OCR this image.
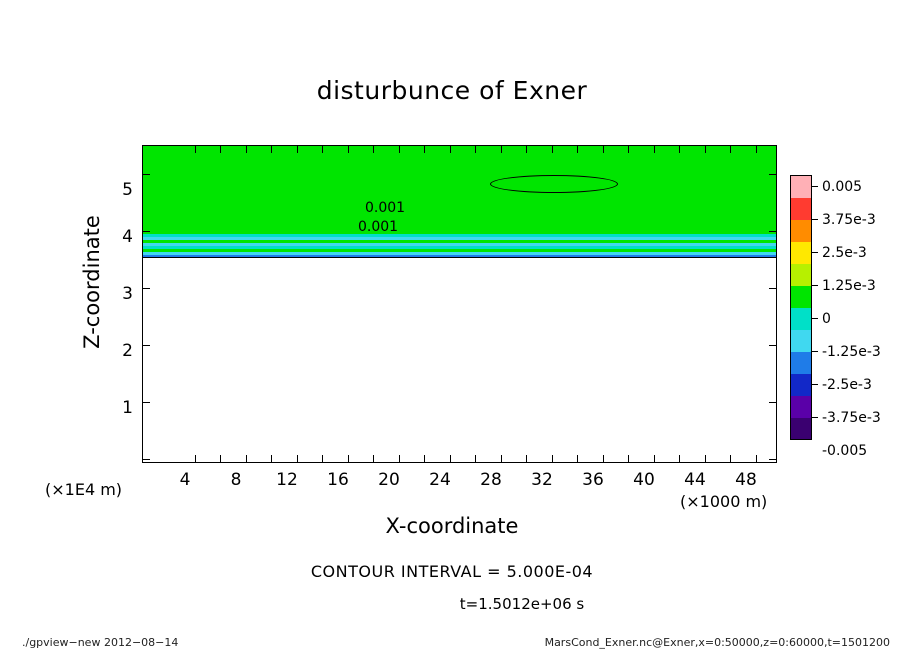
disturbunce of Exner
0.001
0.001
4	8	12	16	20	24	28	32	36	40	44	48
1
2
3
4
5
Z-coordinate
X-coordinate
(×1E4 m)
(×1000 m)
0.005
3.75e-3
2.5e-3
1.25e-3
0
-1.25e-3
-2.5e-3
-3.75e-3
-0.005
CONTOUR INTERVAL = 5.000E-04
t=1.5012e+06 s
./gpview−new 2012−08−14	MarsCond_Exner.nc@Exner,x=0:50000,z=0:60000,t=1501200
